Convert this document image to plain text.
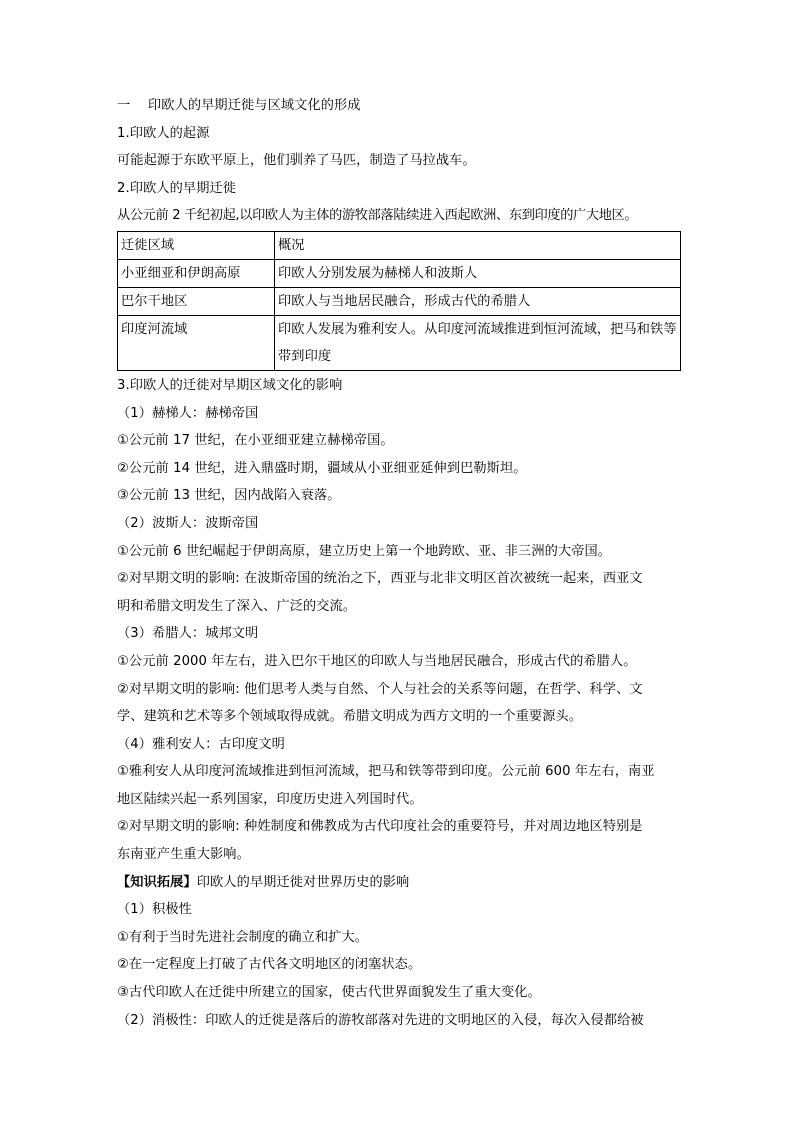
一 印欧人的早期迁徙与区域文化的形成
1.印欧人的起源
可能起源于东欧平原上，他们驯养了马匹，制造了马拉战车。
2.印欧人的早期迁徙
从公元前 2 千纪初起,以印欧人为主体的游牧部落陆续进入西起欧洲、东到印度的广大地区。
迁徙区域	概况
小亚细亚和伊朗高原	印欧人分别发展为赫梯人和波斯人
巴尔干地区	印欧人与当地居民融合，形成古代的希腊人
印度河流域	印欧人发展为雅利安人。从印度河流域推进到恒河流域，把马和铁等带到印度
3.印欧人的迁徙对早期区域文化的影响
（1）赫梯人：赫梯帝国
①公元前 17 世纪，在小亚细亚建立赫梯帝国。
②公元前 14 世纪，进入鼎盛时期，疆域从小亚细亚延伸到巴勒斯坦。
③公元前 13 世纪，因内战陷入衰落。
（2）波斯人：波斯帝国
①公元前 6 世纪崛起于伊朗高原，建立历史上第一个地跨欧、亚、非三洲的大帝国。
②对早期文明的影响: 在波斯帝国的统治之下，西亚与北非文明区首次被统一起来，西亚文
明和希腊文明发生了深入、广泛的交流。
（3）希腊人：城邦文明
①公元前 2000 年左右，进入巴尔干地区的印欧人与当地居民融合，形成古代的希腊人。
②对早期文明的影响: 他们思考人类与自然、个人与社会的关系等问题，在哲学、科学、文
学、建筑和艺术等多个领域取得成就。希腊文明成为西方文明的一个重要源头。
（4）雅利安人：古印度文明
①雅利安人从印度河流域推进到恒河流域，把马和铁等带到印度。公元前 600 年左右，南亚
地区陆续兴起一系列国家，印度历史进入列国时代。
②对早期文明的影响: 种姓制度和佛教成为古代印度社会的重要符号，并对周边地区特别是
东南亚产生重大影响。
【知识拓展】印欧人的早期迁徙对世界历史的影响
（1）积极性
①有利于当时先进社会制度的确立和扩大。
②在一定程度上打破了古代各文明地区的闭塞状态。
③古代印欧人在迁徙中所建立的国家，使古代世界面貌发生了重大变化。
（2）消极性：印欧人的迁徙是落后的游牧部落对先进的文明地区的入侵，每次入侵都给被
